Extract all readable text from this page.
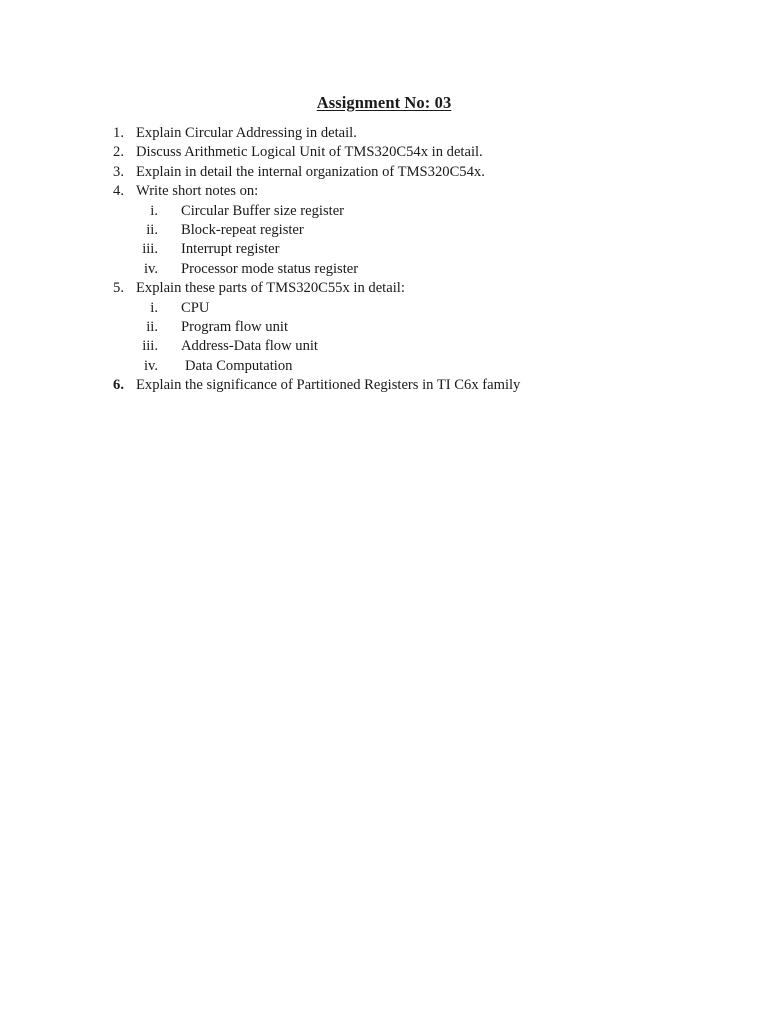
Assignment No: 03
1. Explain Circular Addressing in detail.
2. Discuss Arithmetic Logical Unit of TMS320C54x in detail.
3. Explain in detail the internal organization of TMS320C54x.
4. Write short notes on:
i. Circular Buffer size register
ii. Block-repeat register
iii. Interrupt register
iv. Processor mode status register
5. Explain these parts of TMS320C55x in detail:
i. CPU
ii. Program flow unit
iii. Address-Data flow unit
iv. Data Computation
6. Explain the significance of Partitioned Registers in TI C6x family
